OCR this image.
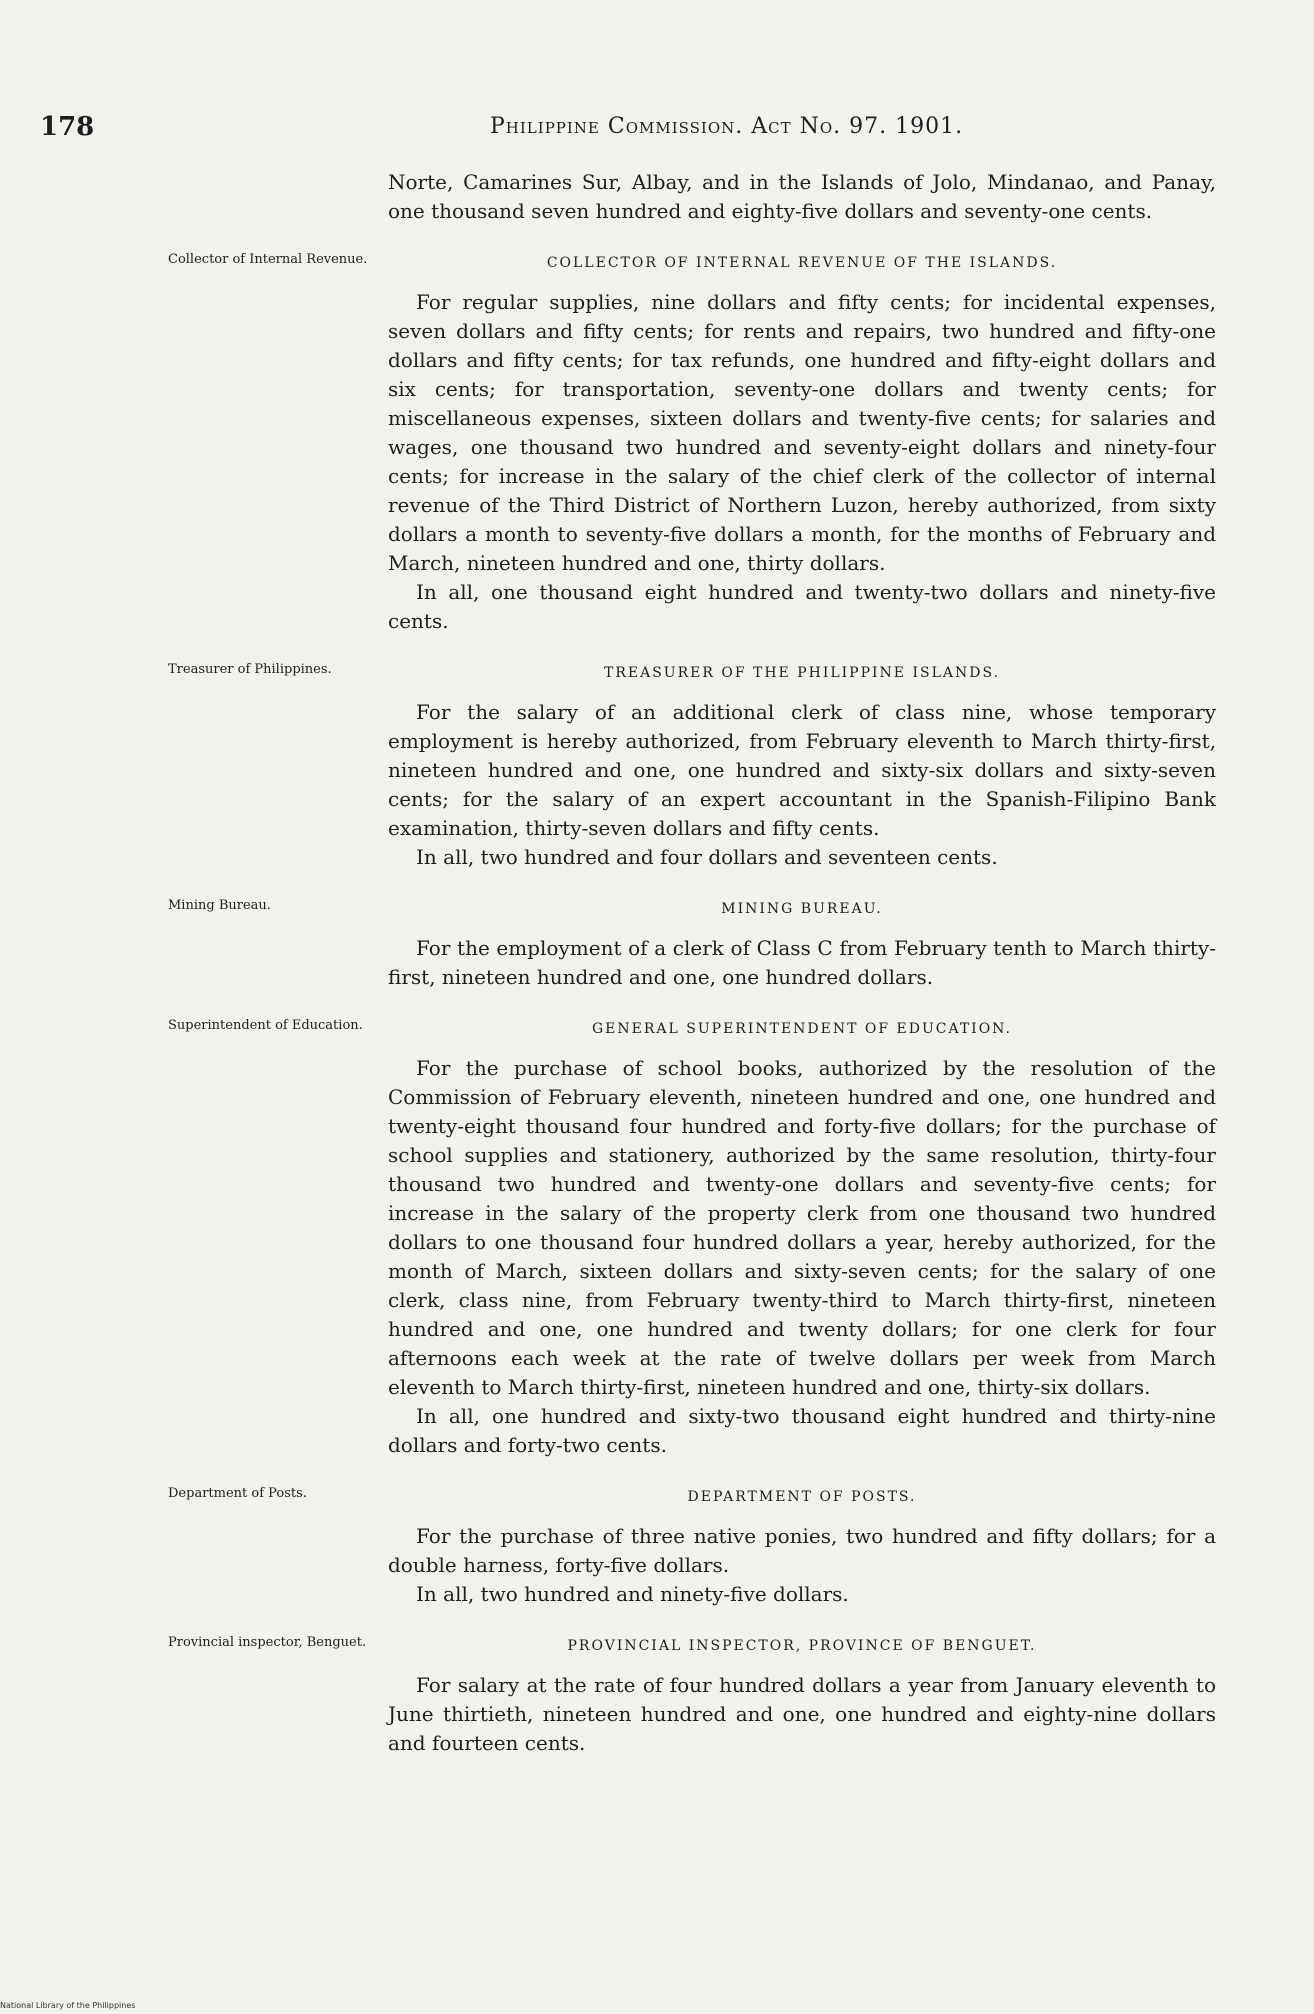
178	Philippine Commission. Act No. 97. 1901.

Norte, Camarines Sur, Albay, and in the Islands of Jolo, Mindanao, and Panay, one thousand seven hundred and eighty-five dollars and seventy-one cents.

Collector of Internal Revenue.	COLLECTOR OF INTERNAL REVENUE OF THE ISLANDS.

For regular supplies, nine dollars and fifty cents; for incidental expenses, seven dollars and fifty cents; for rents and repairs, two hundred and fifty-one dollars and fifty cents; for tax refunds, one hundred and fifty-eight dollars and six cents; for transportation, seventy-one dollars and twenty cents; for miscellaneous expenses, sixteen dollars and twenty-five cents; for salaries and wages, one thousand two hundred and seventy-eight dollars and ninety-four cents; for increase in the salary of the chief clerk of the collector of internal revenue of the Third District of Northern Luzon, hereby authorized, from sixty dollars a month to seventy-five dollars a month, for the months of February and March, nineteen hundred and one, thirty dollars.

In all, one thousand eight hundred and twenty-two dollars and ninety-five cents.

Treasurer of Philippines.	TREASURER OF THE PHILIPPINE ISLANDS.

For the salary of an additional clerk of class nine, whose temporary employment is hereby authorized, from February eleventh to March thirty-first, nineteen hundred and one, one hundred and sixty-six dollars and sixty-seven cents; for the salary of an expert accountant in the Spanish-Filipino Bank examination, thirty-seven dollars and fifty cents.

In all, two hundred and four dollars and seventeen cents.

Mining Bureau.	MINING BUREAU.

For the employment of a clerk of Class C from February tenth to March thirty-first, nineteen hundred and one, one hundred dollars.

Superintendent of Education.	GENERAL SUPERINTENDENT OF EDUCATION.

For the purchase of school books, authorized by the resolution of the Commission of February eleventh, nineteen hundred and one, one hundred and twenty-eight thousand four hundred and forty-five dollars; for the purchase of school supplies and stationery, authorized by the same resolution, thirty-four thousand two hundred and twenty-one dollars and seventy-five cents; for increase in the salary of the property clerk from one thousand two hundred dollars to one thousand four hundred dollars a year, hereby authorized, for the month of March, sixteen dollars and sixty-seven cents; for the salary of one clerk, class nine, from February twenty-third to March thirty-first, nineteen hundred and one, one hundred and twenty dollars; for one clerk for four afternoons each week at the rate of twelve dollars per week from March eleventh to March thirty-first, nineteen hundred and one, thirty-six dollars.

In all, one hundred and sixty-two thousand eight hundred and thirty-nine dollars and forty-two cents.

Department of Posts.	DEPARTMENT OF POSTS.

For the purchase of three native ponies, two hundred and fifty dollars; for a double harness, forty-five dollars.

In all, two hundred and ninety-five dollars.

Provincial inspector, Benguet.	PROVINCIAL INSPECTOR, PROVINCE OF BENGUET.

For salary at the rate of four hundred dollars a year from January eleventh to June thirtieth, nineteen hundred and one, one hundred and eighty-nine dollars and fourteen cents.

National Library of the Philippines
